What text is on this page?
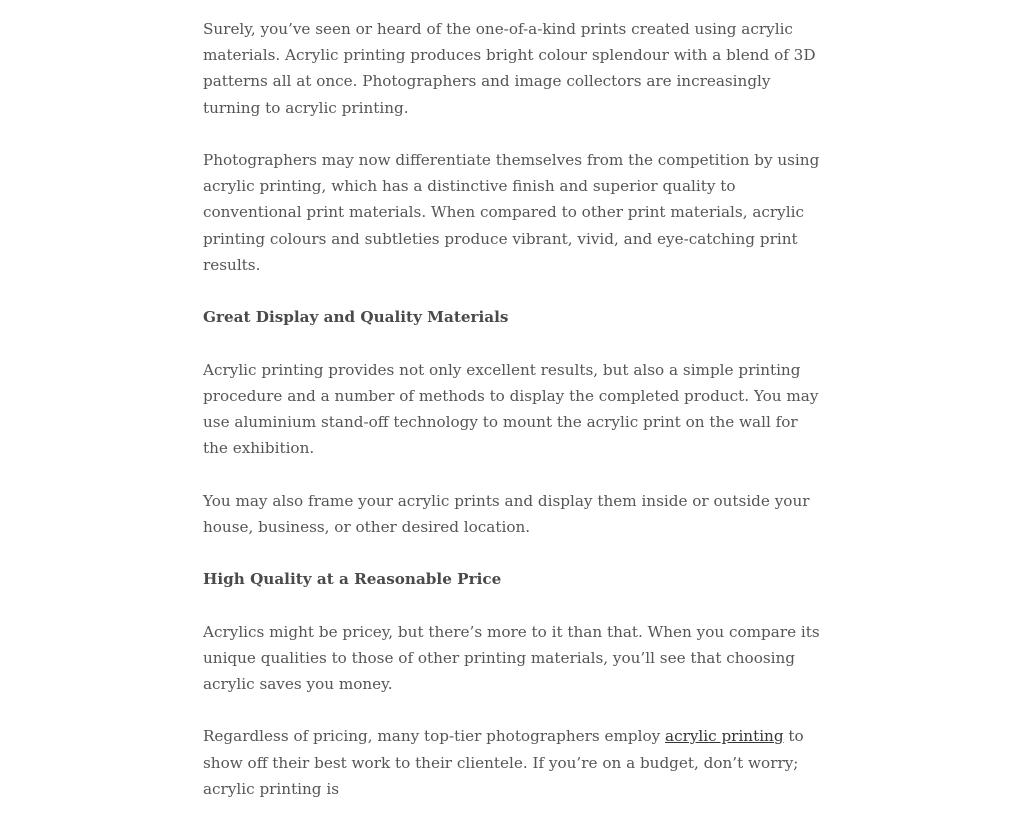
Surely, you’ve seen or heard of the one-of-a-kind prints created using acrylic materials. Acrylic printing produces bright colour splendour with a blend of 3D patterns all at once. Photographers and image collectors are increasingly turning to acrylic printing.

Photographers may now differentiate themselves from the competition by using acrylic printing, which has a distinctive finish and superior quality to conventional print materials. When compared to other print materials, acrylic printing colours and subtleties produce vibrant, vivid, and eye-catching print results.

Great Display and Quality Materials

Acrylic printing provides not only excellent results, but also a simple printing procedure and a number of methods to display the completed product. You may use aluminium stand-off technology to mount the acrylic print on the wall for the exhibition.

You may also frame your acrylic prints and display them inside or outside your house, business, or other desired location.

High Quality at a Reasonable Price

Acrylics might be pricey, but there’s more to it than that. When you compare its unique qualities to those of other printing materials, you’ll see that choosing acrylic saves you money.

Regardless of pricing, many top-tier photographers employ acrylic printing to show off their best work to their clientele. If you’re on a budget, don’t worry; acrylic printing is
